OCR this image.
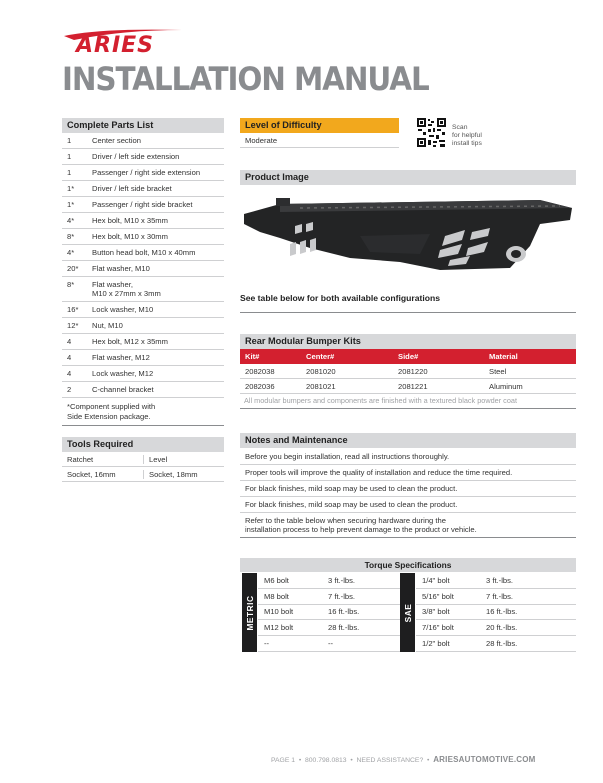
ARIES
INSTALLATION MANUAL
Complete Parts List
1	Center section
1	Driver / left side extension
1	Passenger / right side extension
1*	Driver / left side bracket
1*	Passenger / right side bracket
4*	Hex bolt, M10 x 35mm
8*	Hex bolt, M10 x 30mm
4*	Button head bolt, M10 x 40mm
20*	Flat washer, M10
8*	Flat washer,
M10 x 27mm x 3mm
16*	Lock washer, M10
12*	Nut, M10
4	Hex bolt, M12 x 35mm
4	Flat washer, M12
4	Lock washer, M12
2	C-channel bracket
*Component supplied with
Side Extension package.
Tools Required
Ratchet	Level
Socket, 16mm	Socket, 18mm
Level of Difficulty
Moderate
Scan
for helpful
install tips
Product Image
See table below for both available configurations
Rear Modular Bumper Kits
Kit#	Center#	Side#	Material
2082038	2081020	2081220	Steel
2082036	2081021	2081221	Aluminum
All modular bumpers and components are finished with a textured black powder coat
Notes and Maintenance
Before you begin installation, read all instructions thoroughly.
Proper tools will improve the quality of installation and reduce the time required.
For black finishes, mild soap may be used to clean the product.
For black finishes, mild soap may be used to clean the product.
Refer to the table below when securing hardware during the
installation process to help prevent damage to the product or vehicle.
Torque Specifications
METRIC
M6 bolt	3 ft.-lbs.
M8 bolt	7 ft.-lbs.
M10 bolt	16 ft.-lbs.
M12 bolt	28 ft.-lbs.
--	--
SAE
1/4" bolt	3 ft.-lbs.
5/16" bolt	7 ft.-lbs.
3/8" bolt	16 ft.-lbs.
7/16" bolt	20 ft.-lbs.
1/2" bolt	28 ft.-lbs.
PAGE 1  •  800.798.0813  •  NEED ASSISTANCE?  •  ARIESAUTOMOTIVE.COM
